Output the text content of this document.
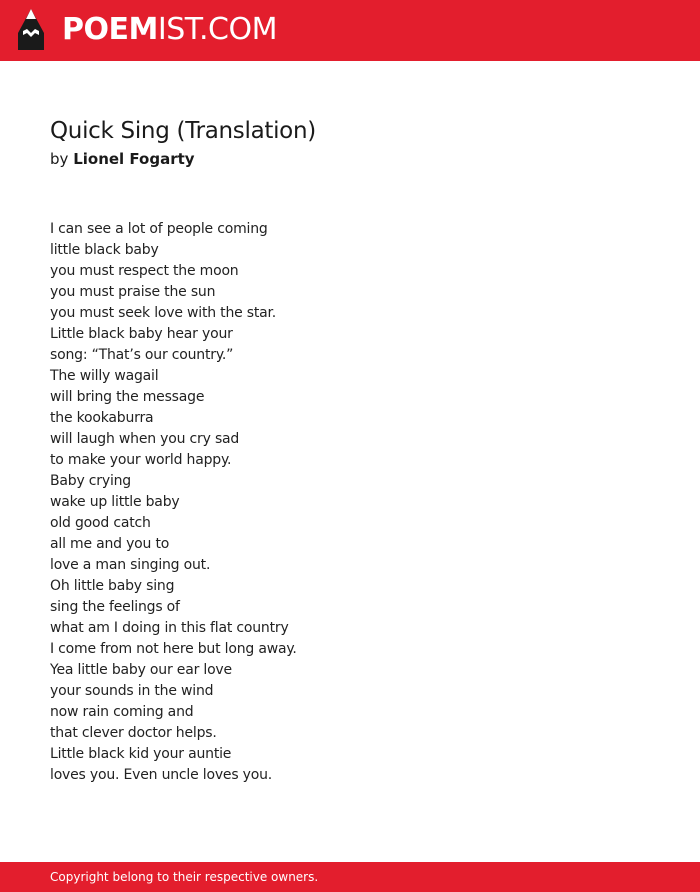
POEMIST.COM
Quick Sing (Translation)
by Lionel Fogarty
I can see a lot of people coming
little black baby
you must respect the moon
you must praise the sun
you must seek love with the star.
Little black baby hear your
song: “That’s our country.”
The willy wagail
will bring the message
the kookaburra
will laugh when you cry sad
to make your world happy.
Baby crying
wake up little baby
old good catch
all me and you to
love a man singing out.
Oh little baby sing
sing the feelings of
what am I doing in this flat country
I come from not here but long away.
Yea little baby our ear love
your sounds in the wind
now rain coming and
that clever doctor helps.
Little black kid your auntie
loves you. Even uncle loves you.
Copyright belong to their respective owners.
